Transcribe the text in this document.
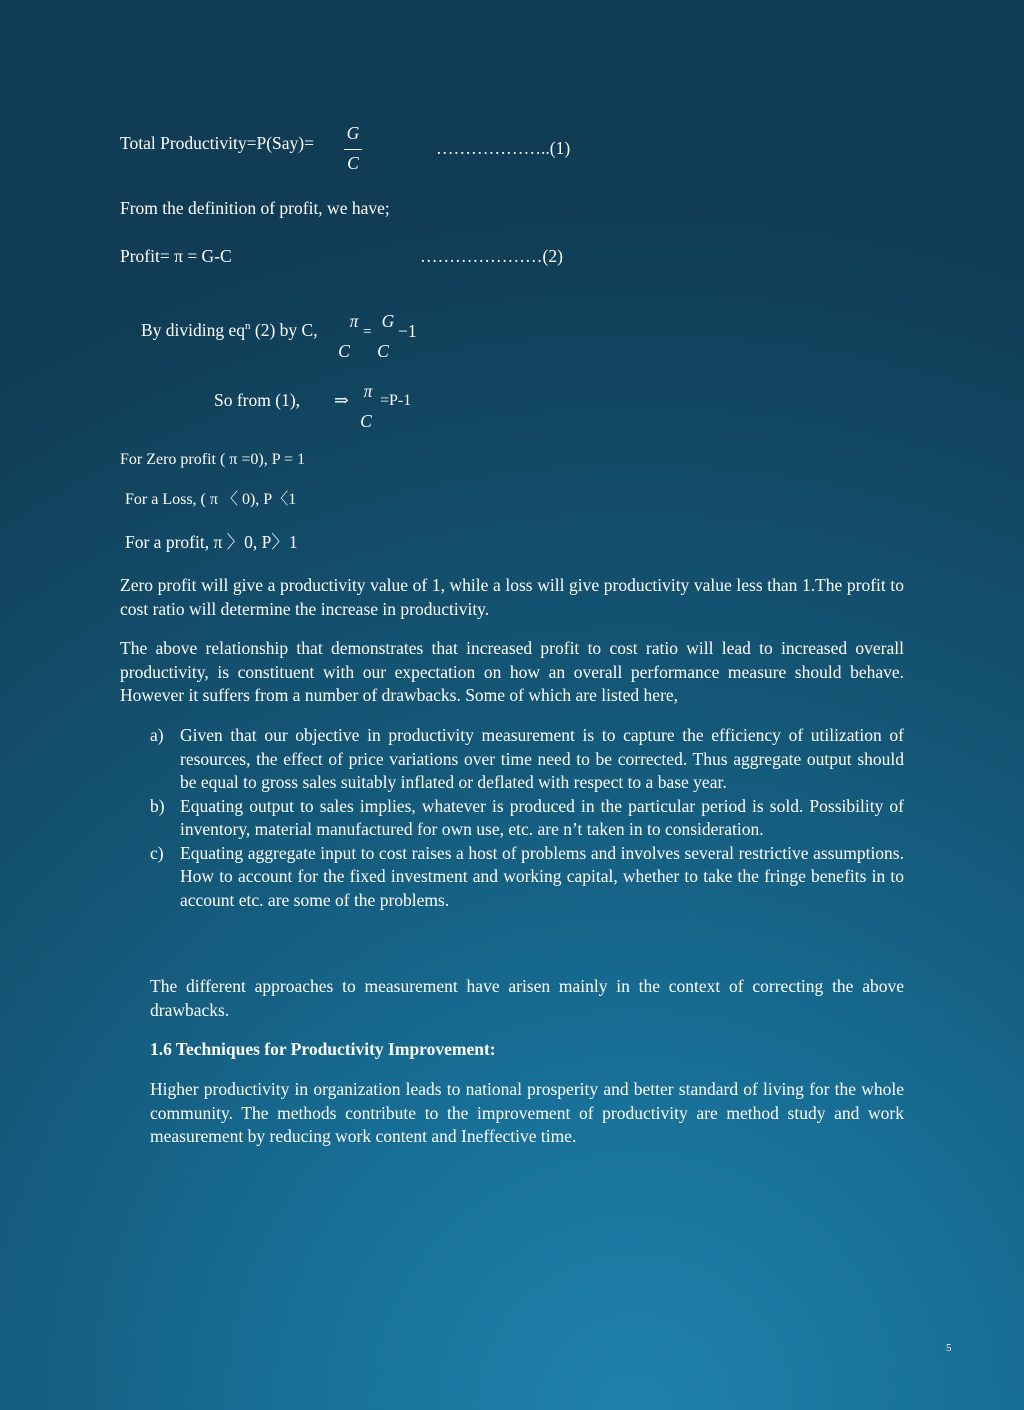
Total Productivity=P(Say)= G
C
………………..(1)
From the definition of profit, we have;
Profit= π = G-C	…………………(2)
By dividing $eq^n$ (2) by C, π
C
=
G
C
−1
So from (1), ⇒ π
C
=P-1
For Zero profit ( π =0), P = 1
For a Loss, ( π 〈 0), P〈1
For a profit, π 〉0, P〉1
Zero profit will give a productivity value of 1, while a loss will give productivity value less than 1.The profit to cost ratio will determine the increase in productivity.
The above relationship that demonstrates that increased profit to cost ratio will lead to increased overall productivity, is constituent with our expectation on how an overall performance measure should behave. However it suffers from a number of drawbacks. Some of which are listed here,
a) Given that our objective in productivity measurement is to capture the efficiency of utilization of resources, the effect of price variations over time need to be corrected. Thus aggregate output should be equal to gross sales suitably inflated or deflated with respect to a base year.
b) Equating output to sales implies, whatever is produced in the particular period is sold. Possibility of inventory, material manufactured for own use, etc. are n’t taken in to consideration.
c) Equating aggregate input to cost raises a host of problems and involves several restrictive assumptions. How to account for the fixed investment and working capital, whether to take the fringe benefits in to account etc. are some of the problems.
The different approaches to measurement have arisen mainly in the context of correcting the above drawbacks.
1.6 Techniques for Productivity Improvement:
Higher productivity in organization leads to national prosperity and better standard of living for the whole community. The methods contribute to the improvement of productivity are method study and work measurement by reducing work content and Ineffective time.
5
